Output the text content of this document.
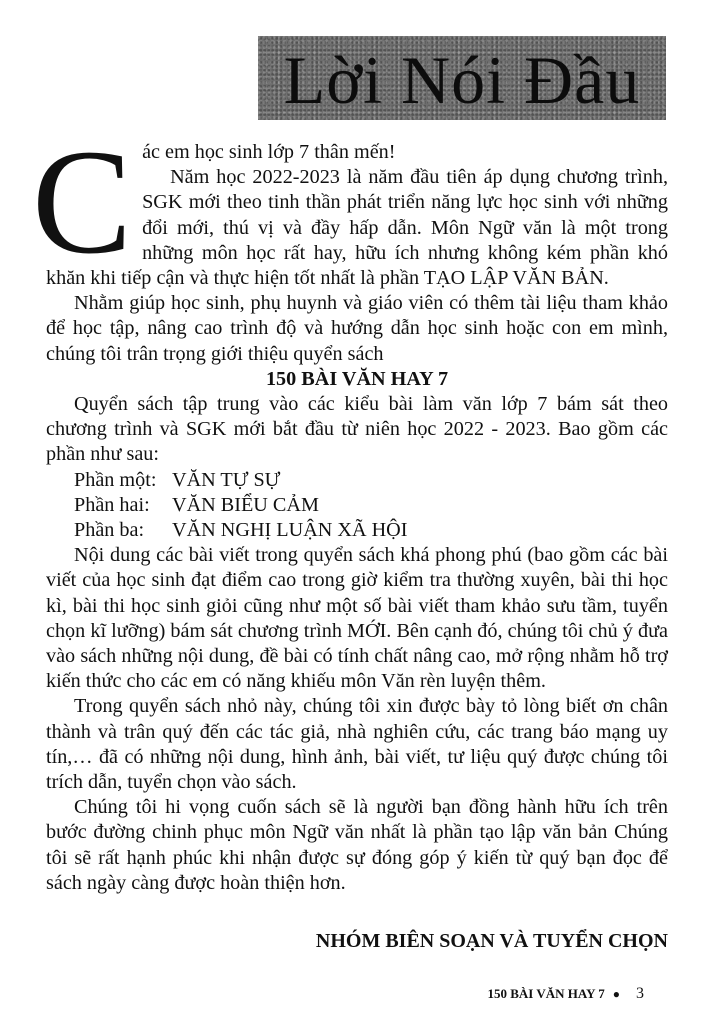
Lời Nói Đầu
C ác em học sinh lớp 7 thân mến!

Năm học 2022-2023 là năm đầu tiên áp dụng chương trình, SGK mới theo tinh thần phát triển năng lực học sinh với những đổi mới, thú vị và đầy hấp dẫn. Môn Ngữ văn là một trong những môn học rất hay, hữu ích nhưng không kém phần khó khăn khi tiếp cận và thực hiện tốt nhất là phần TẠO LẬP VĂN BẢN.

Nhằm giúp học sinh, phụ huynh và giáo viên có thêm tài liệu tham khảo để học tập, nâng cao trình độ và hướng dẫn học sinh hoặc con em mình, chúng tôi trân trọng giới thiệu quyển sách

150 BÀI VĂN HAY 7

Quyển sách tập trung vào các kiểu bài làm văn lớp 7 bám sát theo chương trình và SGK mới bắt đầu từ niên học 2022 - 2023. Bao gồm các phần như sau:

Phần một: VĂN TỰ SỰ
Phần hai:	VĂN BIỂU CẢM
Phần ba:	VĂN NGHỊ LUẬN XÃ HỘI

Nội dung các bài viết trong quyển sách khá phong phú (bao gồm các bài viết của học sinh đạt điểm cao trong giờ kiểm tra thường xuyên, bài thi học kì, bài thi học sinh giỏi cũng như một số bài viết tham khảo sưu tầm, tuyển chọn kĩ lưỡng) bám sát chương trình MỚI. Bên cạnh đó, chúng tôi chủ ý đưa vào sách những nội dung, đề bài có tính chất nâng cao, mở rộng nhằm hỗ trợ kiến thức cho các em có năng khiếu môn Văn rèn luyện thêm.

Trong quyển sách nhỏ này, chúng tôi xin được bày tỏ lòng biết ơn chân thành và trân quý đến các tác giả, nhà nghiên cứu, các trang báo mạng uy tín,… đã có những nội dung, hình ảnh, bài viết, tư liệu quý được chúng tôi trích dẫn, tuyển chọn vào sách.

Chúng tôi hi vọng cuốn sách sẽ là người bạn đồng hành hữu ích trên bước đường chinh phục môn Ngữ văn nhất là phần tạo lập văn bản Chúng tôi sẽ rất hạnh phúc khi nhận được sự đóng góp ý kiến từ quý bạn đọc để sách ngày càng được hoàn thiện hơn.

NHÓM BIÊN SOẠN VÀ TUYỂN CHỌN
150 BÀI VĂN HAY 7 ● 3
